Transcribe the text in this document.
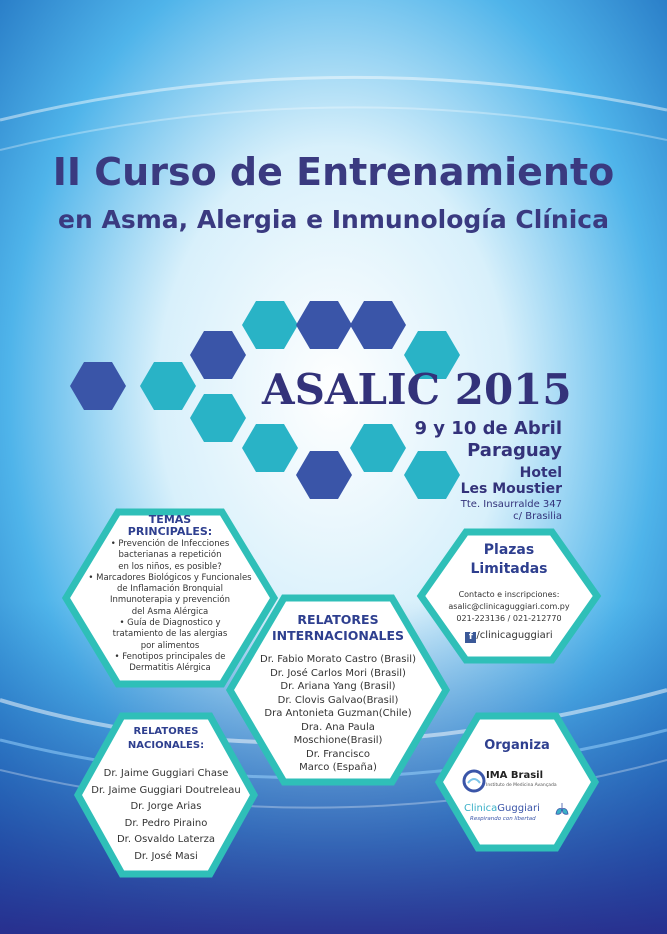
II Curso de Entrenamiento
en Asma, Alergia e Inmunología Clínica
ASALIC 2015
9 y 10 de Abril
Paraguay
Hotel
Les Moustier
Tte. Insaurralde 347
c/ Brasilia
TEMAS
PRINCIPALES:
• Prevención de Infecciones
bacterianas a repetición
en los niños, es posible?
• Marcadores Biológicos y Funcionales
de Inflamación Bronquial
Inmunoterapia y prevención
del Asma Alérgica
• Guía de Diagnostico y
tratamiento de las alergias
por alimentos
• Fenotipos principales de
Dermatitis Alérgica
Plazas
Limitadas
Contacto e inscripciones:
asalic@clinicaguggiari.com.py
021-223136 / 021-212770
f /clinicaguggiari
RELATORES
INTERNACIONALES
Dr. Fabio Morato Castro (Brasil)
Dr. José Carlos Mori (Brasil)
Dr. Ariana Yang (Brasil)
Dr. Clovis Galvao(Brasil)
Dra Antonieta Guzman(Chile)
Dra. Ana Paula
Moschione(Brasil)
Dr. Francisco
Marco (España)
RELATORES
NACIONALES:
Dr. Jaime Guggiari Chase
Dr. Jaime Guggiari Doutreleau
Dr. Jorge Arias
Dr. Pedro Piraino
Dr. Osvaldo Laterza
Dr. José Masi
Organiza
IMA Brasil
Instituto de Medicina Avançada
ClinicaGuggiari
Respirando con libertad
